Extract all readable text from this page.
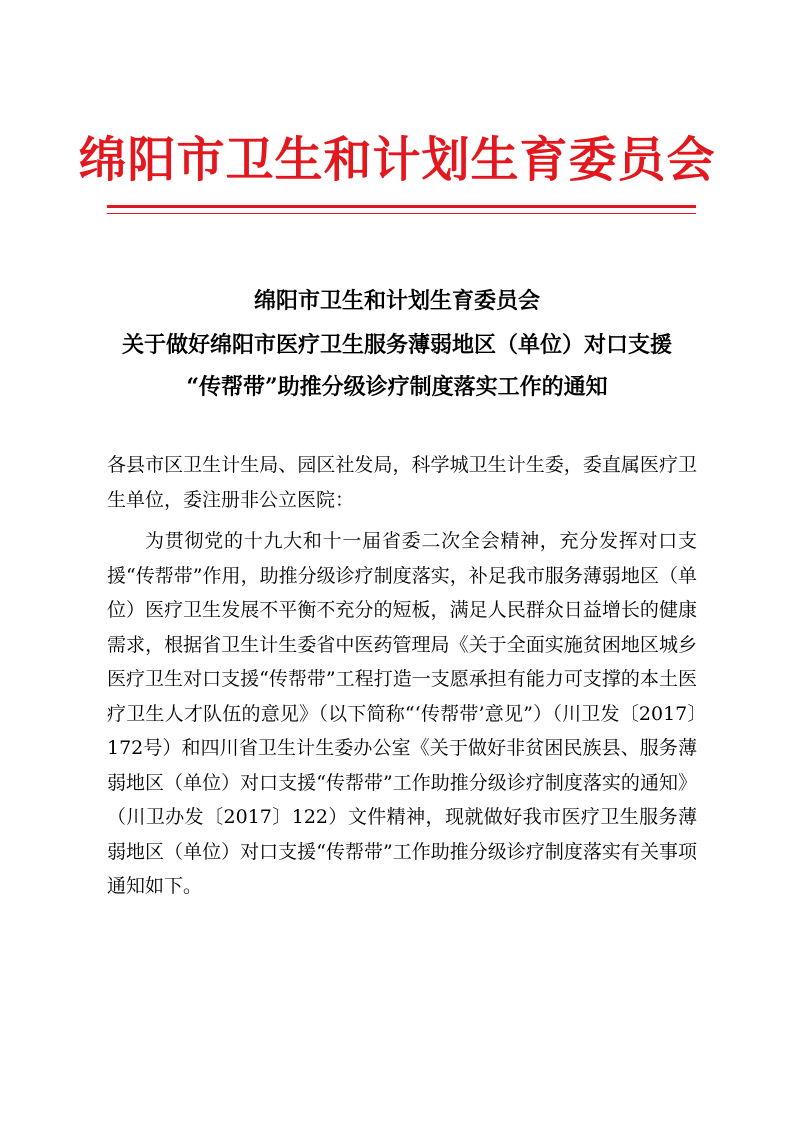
绵阳市卫生和计划生育委员会
绵阳市卫生和计划生育委员会
关于做好绵阳市医疗卫生服务薄弱地区（单位）对口支援
“传帮带”助推分级诊疗制度落实工作的通知
各县市区卫生计生局、园区社发局，科学城卫生计生委，委直属医疗卫生单位，委注册非公立医院：
为贯彻党的十九大和十一届省委二次全会精神，充分发挥对口支援“传帮带”作用，助推分级诊疗制度落实，补足我市服务薄弱地区（单位）医疗卫生发展不平衡不充分的短板，满足人民群众日益增长的健康需求，根据省卫生计生委省中医药管理局《关于全面实施贫困地区城乡医疗卫生对口支援“传帮带”工程打造一支愿承担有能力可支撑的本土医疗卫生人才队伍的意见》（以下简称“‘传帮带’意见”）（川卫发〔2017〕172号）和四川省卫生计生委办公室《关于做好非贫困民族县、服务薄弱地区（单位）对口支援“传帮带”工作助推分级诊疗制度落实的通知》（川卫办发〔2017〕122）文件精神，现就做好我市医疗卫生服务薄弱地区（单位）对口支援“传帮带”工作助推分级诊疗制度落实有关事项通知如下。
